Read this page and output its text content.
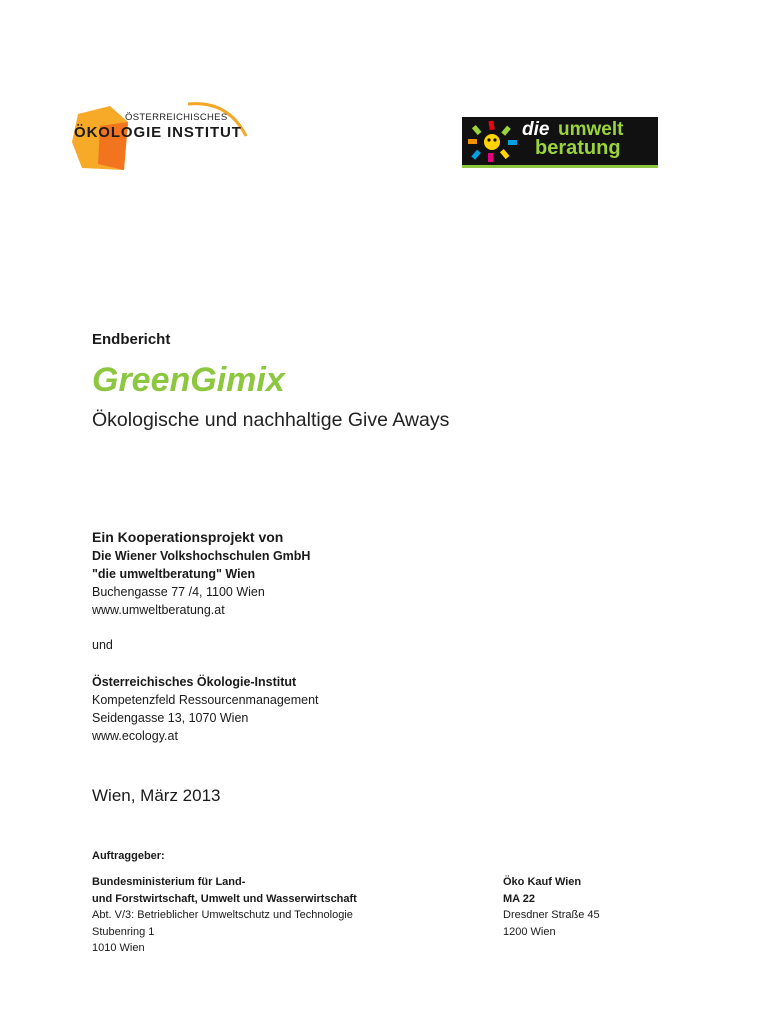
ÖSTERREICHISCHES
ÖKOLOGIE INSTITUT	die umwelt
beratung
Endbericht
GreenGimix
Ökologische und nachhaltige Give Aways
Ein Kooperationsprojekt von
Die Wiener Volkshochschulen GmbH
"die umweltberatung" Wien
Buchengasse 77 /4, 1100 Wien
www.umweltberatung.at
und
Österreichisches Ökologie-Institut
Kompetenzfeld Ressourcenmanagement
Seidengasse 13, 1070 Wien
www.ecology.at
Wien, März 2013
Auftraggeber:
Bundesministerium für Land-
und Forstwirtschaft, Umwelt und Wasserwirtschaft
Abt. V/3: Betrieblicher Umweltschutz und Technologie
Stubenring 1
1010 Wien
Öko Kauf Wien
MA 22
Dresdner Straße 45
1200 Wien
